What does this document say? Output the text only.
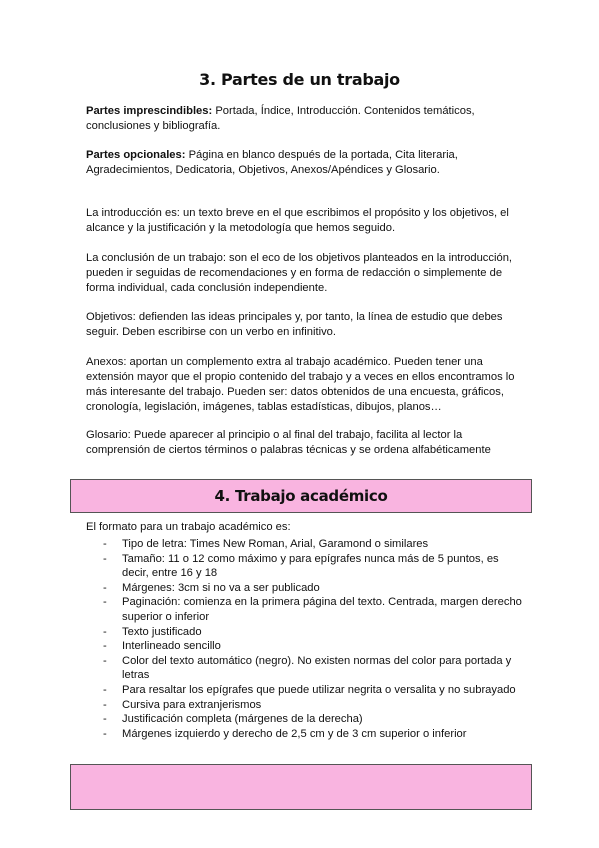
3. Partes de un trabajo

Partes imprescindibles: Portada, Índice, Introducción. Contenidos temáticos, conclusiones y bibliografía.

Partes opcionales: Página en blanco después de la portada, Cita literaria, Agradecimientos, Dedicatoria, Objetivos, Anexos/Apéndices y Glosario.

La introducción es: un texto breve en el que escribimos el propósito y los objetivos, el alcance y la justificación y la metodología que hemos seguido.

La conclusión de un trabajo: son el eco de los objetivos planteados en la introducción, pueden ir seguidas de recomendaciones y en forma de redacción o simplemente de forma individual, cada conclusión independiente.

Objetivos: defienden las ideas principales y, por tanto, la línea de estudio que debes seguir. Deben escribirse con un verbo en infinitivo.

Anexos: aportan un complemento extra al trabajo académico. Pueden tener una extensión mayor que el propio contenido del trabajo y a veces en ellos encontramos lo más interesante del trabajo. Pueden ser: datos obtenidos de una encuesta, gráficos, cronología, legislación, imágenes, tablas estadísticas, dibujos, planos…

Glosario: Puede aparecer al principio o al final del trabajo, facilita al lector la comprensión de ciertos términos o palabras técnicas y se ordena alfabéticamente

4. Trabajo académico

El formato para un trabajo académico es:

- Tipo de letra: Times New Roman, Arial, Garamond o similares
- Tamaño: 11 o 12 como máximo y para epígrafes nunca más de 5 puntos, es decir, entre 16 y 18
- Márgenes: 3cm si no va a ser publicado
- Paginación: comienza en la primera página del texto. Centrada, margen derecho superior o inferior
- Texto justificado
- Interlineado sencillo
- Color del texto automático (negro). No existen normas del color para portada y letras
- Para resaltar los epígrafes que puede utilizar negrita o versalita y no subrayado
- Cursiva para extranjerismos
- Justificación completa (márgenes de la derecha)
- Márgenes izquierdo y derecho de 2,5 cm y de 3 cm superior o inferior
